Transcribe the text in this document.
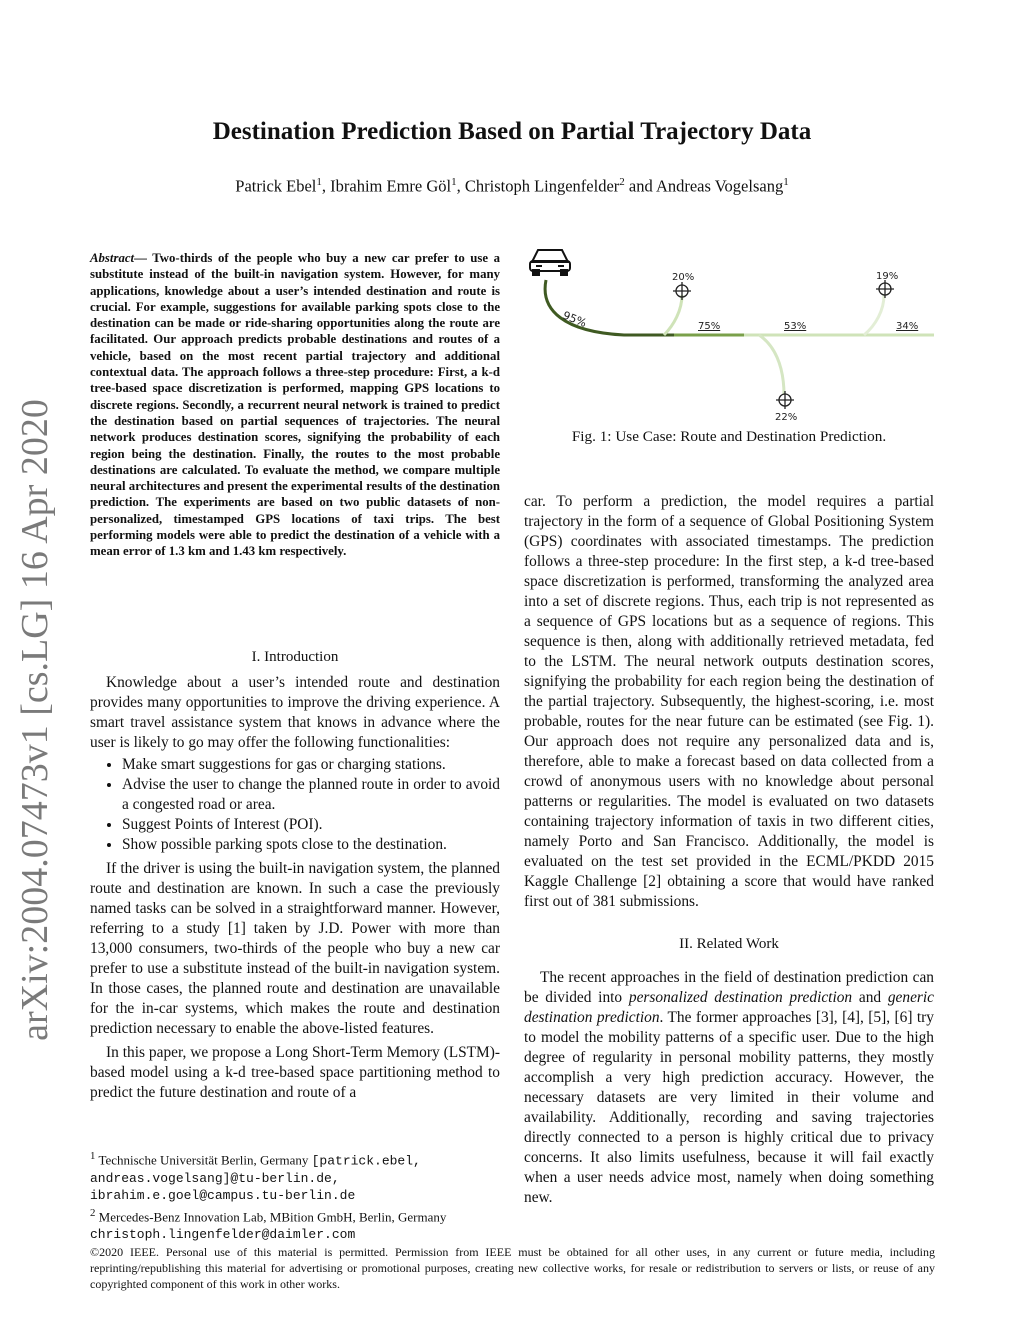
arXiv:2004.07473v1 [cs.LG] 16 Apr 2020
Destination Prediction Based on Partial Trajectory Data
Patrick Ebel$^1$, Ibrahim Emre Göl$^1$, Christoph Lingenfelder$^2$ and Andreas Vogelsang$^1$
Abstract— Two-thirds of the people who buy a new car prefer to use a substitute instead of the built-in navigation system. However, for many applications, knowledge about a user’s intended destination and route is crucial. For example, suggestions for available parking spots close to the destination can be made or ride-sharing opportunities along the route are facilitated. Our approach predicts probable destinations and routes of a vehicle, based on the most recent partial trajectory and additional contextual data. The approach follows a three-step procedure: First, a k-d tree-based space discretization is performed, mapping GPS locations to discrete regions. Secondly, a recurrent neural network is trained to predict the destination based on partial sequences of trajectories. The neural network produces destination scores, signifying the probability of each region being the destination. Finally, the routes to the most probable destinations are calculated. To evaluate the method, we compare multiple neural architectures and present the experimental results of the destination prediction. The experiments are based on two public datasets of non-personalized, timestamped GPS locations of taxi trips. The best performing models were able to predict the destination of a vehicle with a mean error of 1.3 km and 1.43 km respectively.
I. Introduction

Knowledge about a user’s intended route and destination provides many opportunities to improve the driving experience. A smart travel assistance system that knows in advance where the user is likely to go may offer the following functionalities:

• Make smart suggestions for gas or charging stations.
• Advise the user to change the planned route in order to avoid a congested road or area.
• Suggest Points of Interest (POI).
• Show possible parking spots close to the destination.

If the driver is using the built-in navigation system, the planned route and destination are known. In such a case the previously named tasks can be solved in a straightforward manner. However, referring to a study [1] taken by J.D. Power with more than 13,000 consumers, two-thirds of the people who buy a new car prefer to use a substitute instead of the built-in navigation system. In those cases, the planned route and destination are unavailable for the in-car systems, which makes the route and destination prediction necessary to enable the above-listed features.

In this paper, we propose a Long Short-Term Memory (LSTM)-based model using a k-d tree-based space partitioning method to predict the future destination and route of a

$^1$ Technische Universität Berlin, Germany [patrick.ebel,
andreas.vogelsang]@tu-berlin.de,
ibrahim.e.goel@campus.tu-berlin.de
$^2$ Mercedes-Benz Innovation Lab, MBition GmbH, Berlin, Germany
christoph.lingenfelder@daimler.com
95%
20%
75%	53%
19%
34%
22%
Fig. 1: Use Case: Route and Destination Prediction.

car. To perform a prediction, the model requires a partial trajectory in the form of a sequence of Global Positioning System (GPS) coordinates with associated timestamps. The prediction follows a three-step procedure: In the first step, a k-d tree-based space discretization is performed, transforming the analyzed area into a set of discrete regions. Thus, each trip is not represented as a sequence of GPS locations but as a sequence of regions. This sequence is then, along with additionally retrieved metadata, fed to the LSTM. The neural network outputs destination scores, signifying the probability for each region being the destination of the partial trajectory. Subsequently, the highest-scoring, i.e. most probable, routes for the near future can be estimated (see Fig. 1). Our approach does not require any personalized data and is, therefore, able to make a forecast based on data collected from a crowd of anonymous users with no knowledge about personal patterns or regularities. The model is evaluated on two datasets containing trajectory information of taxis in two different cities, namely Porto and San Francisco. Additionally, the model is evaluated on the test set provided in the ECML/PKDD 2015 Kaggle Challenge [2] obtaining a score that would have ranked first out of 381 submissions.

II. Related Work

The recent approaches in the field of destination prediction can be divided into personalized destination prediction and generic destination prediction. The former approaches [3], [4], [5], [6] try to model the mobility patterns of a specific user. Due to the high degree of regularity in personal mobility patterns, they mostly accomplish a very high prediction accuracy. However, the necessary datasets are very limited in their volume and availability. Additionally, recording and saving trajectories directly connected to a person is highly critical due to privacy concerns. It also limits usefulness, because it will fail exactly when a user needs advice most, namely when doing something new.

©2020 IEEE. Personal use of this material is permitted. Permission from IEEE must be obtained for all other uses, in any current or future media, including reprinting/republishing this material for advertising or promotional purposes, creating new collective works, for resale or redistribution to servers or lists, or reuse of any copyrighted component of this work in other works.
